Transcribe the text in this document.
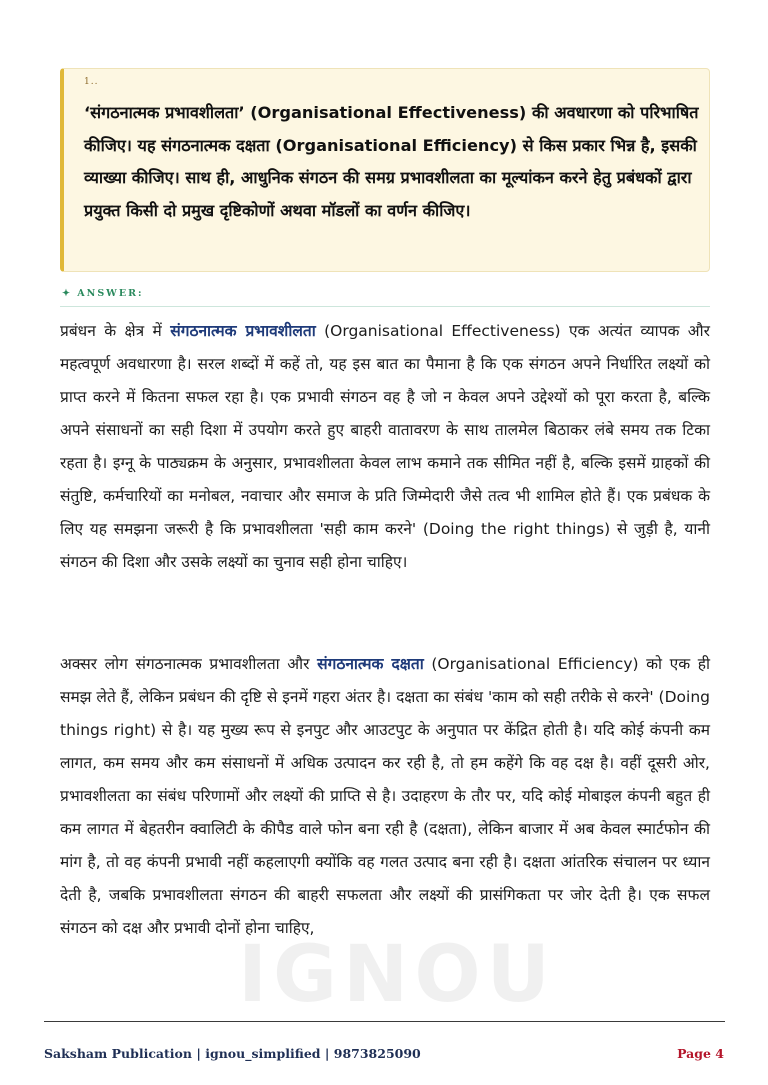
IGNOU
1..
‘संगठनात्मक प्रभावशीलता’ (Organisational Effectiveness) की अवधारणा को परिभाषित कीजिए। यह संगठनात्मक दक्षता (Organisational Efficiency) से किस प्रकार भिन्न है, इसकी व्याख्या कीजिए। साथ ही, आधुनिक संगठन की समग्र प्रभावशीलता का मूल्यांकन करने हेतु प्रबंधकों द्वारा प्रयुक्त किसी दो प्रमुख दृष्टिकोणों अथवा मॉडलों का वर्णन कीजिए।
✦ ANSWER:
प्रबंधन के क्षेत्र में संगठनात्मक प्रभावशीलता (Organisational Effectiveness) एक अत्यंत व्यापक और महत्वपूर्ण अवधारणा है। सरल शब्दों में कहें तो, यह इस बात का पैमाना है कि एक संगठन अपने निर्धारित लक्ष्यों को प्राप्त करने में कितना सफल रहा है। एक प्रभावी संगठन वह है जो न केवल अपने उद्देश्यों को पूरा करता है, बल्कि अपने संसाधनों का सही दिशा में उपयोग करते हुए बाहरी वातावरण के साथ तालमेल बिठाकर लंबे समय तक टिका रहता है। इग्नू के पाठ्यक्रम के अनुसार, प्रभावशीलता केवल लाभ कमाने तक सीमित नहीं है, बल्कि इसमें ग्राहकों की संतुष्टि, कर्मचारियों का मनोबल, नवाचार और समाज के प्रति जिम्मेदारी जैसे तत्व भी शामिल होते हैं। एक प्रबंधक के लिए यह समझना जरूरी है कि प्रभावशीलता 'सही काम करने' (Doing the right things) से जुड़ी है, यानी संगठन की दिशा और उसके लक्ष्यों का चुनाव सही होना चाहिए।
अक्सर लोग संगठनात्मक प्रभावशीलता और संगठनात्मक दक्षता (Organisational Efficiency) को एक ही समझ लेते हैं, लेकिन प्रबंधन की दृष्टि से इनमें गहरा अंतर है। दक्षता का संबंध 'काम को सही तरीके से करने' (Doing things right) से है। यह मुख्य रूप से इनपुट और आउटपुट के अनुपात पर केंद्रित होती है। यदि कोई कंपनी कम लागत, कम समय और कम संसाधनों में अधिक उत्पादन कर रही है, तो हम कहेंगे कि वह दक्ष है। वहीं दूसरी ओर, प्रभावशीलता का संबंध परिणामों और लक्ष्यों की प्राप्ति से है। उदाहरण के तौर पर, यदि कोई मोबाइल कंपनी बहुत ही कम लागत में बेहतरीन क्वालिटी के कीपैड वाले फोन बना रही है (दक्षता), लेकिन बाजार में अब केवल स्मार्टफोन की मांग है, तो वह कंपनी प्रभावी नहीं कहलाएगी क्योंकि वह गलत उत्पाद बना रही है। दक्षता आंतरिक संचालन पर ध्यान देती है, जबकि प्रभावशीलता संगठन की बाहरी सफलता और लक्ष्यों की प्रासंगिकता पर जोर देती है। एक सफल संगठन को दक्ष और प्रभावी दोनों होना चाहिए,
Saksham Publication | ignou_simplified | 9873825090	Page 4
